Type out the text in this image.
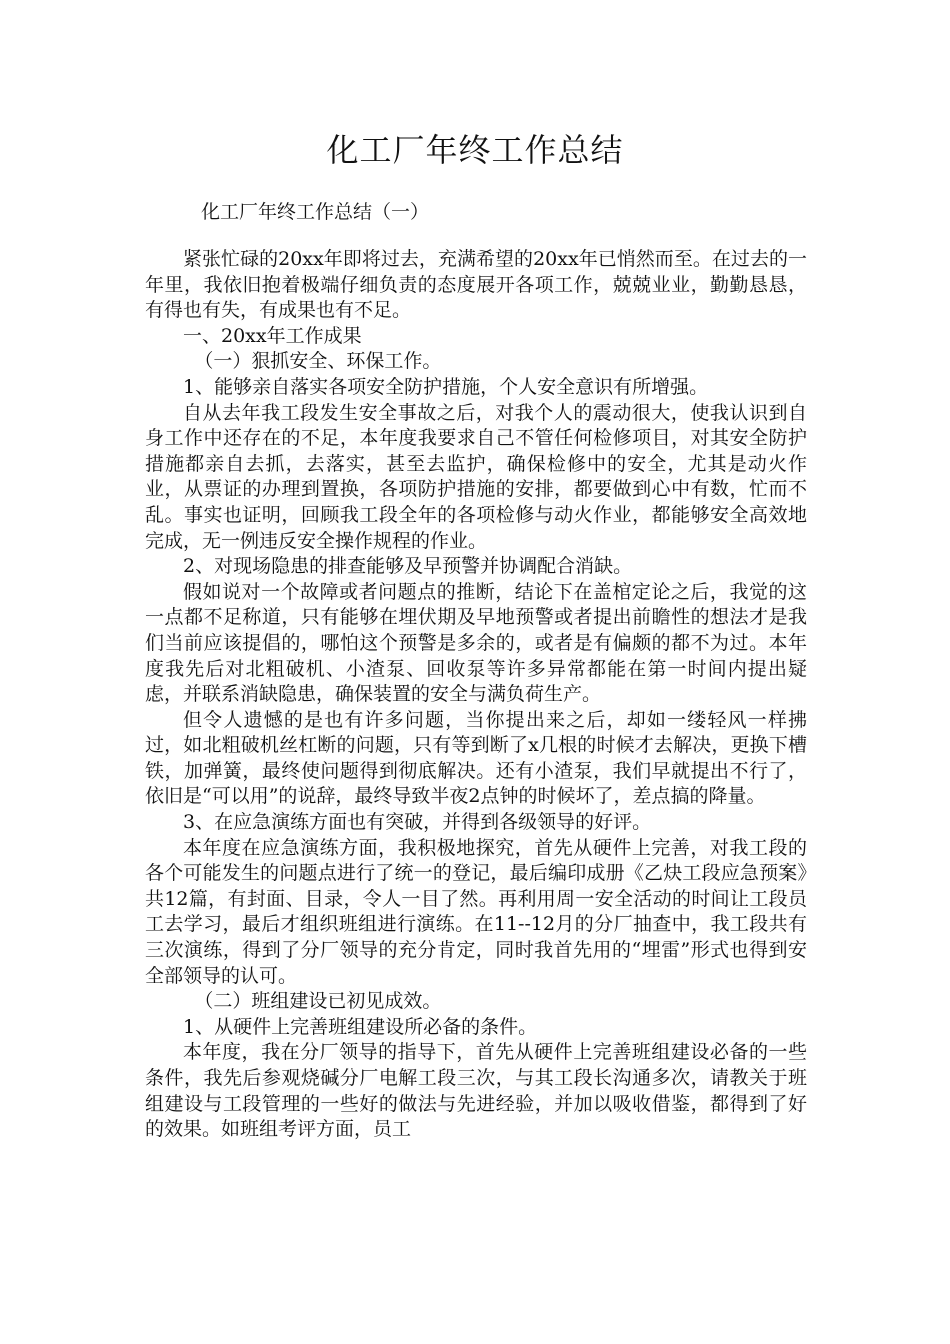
化工厂年终工作总结

化工厂年终工作总结（一）

紧张忙碌的20xx年即将过去，充满希望的20xx年已悄然而至。在过去的一年里，我依旧抱着极端仔细负责的态度展开各项工作，兢兢业业，勤勤恳恳，有得也有失，有成果也有不足。

一、20xx年工作成果

（一）狠抓安全、环保工作。

1、能够亲自落实各项安全防护措施，个人安全意识有所增强。

自从去年我工段发生安全事故之后，对我个人的震动很大，使我认识到自身工作中还存在的不足，本年度我要求自己不管任何检修项目，对其安全防护措施都亲自去抓，去落实，甚至去监护，确保检修中的安全，尤其是动火作业，从票证的办理到置换，各项防护措施的安排，都要做到心中有数，忙而不乱。事实也证明，回顾我工段全年的各项检修与动火作业，都能够安全高效地完成，无一例违反安全操作规程的作业。

2、对现场隐患的排查能够及早预警并协调配合消缺。

假如说对一个故障或者问题点的推断，结论下在盖棺定论之后，我觉的这一点都不足称道，只有能够在埋伏期及早地预警或者提出前瞻性的想法才是我们当前应该提倡的，哪怕这个预警是多余的，或者是有偏颇的都不为过。本年度我先后对北粗破机、小渣泵、回收泵等许多异常都能在第一时间内提出疑虑，并联系消缺隐患，确保装置的安全与满负荷生产。

但令人遗憾的是也有许多问题，当你提出来之后，却如一缕轻风一样拂过，如北粗破机丝杠断的问题，只有等到断了x几根的时候才去解决，更换下槽铁，加弹簧，最终使问题得到彻底解决。还有小渣泵，我们早就提出不行了，依旧是“可以用”的说辞，最终导致半夜2点钟的时候坏了，差点搞的降量。

3、在应急演练方面也有突破，并得到各级领导的好评。

本年度在应急演练方面，我积极地探究，首先从硬件上完善，对我工段的各个可能发生的问题点进行了统一的登记，最后编印成册《乙炔工段应急预案》共12篇，有封面、目录，令人一目了然。再利用周一安全活动的时间让工段员工去学习，最后才组织班组进行演练。在11--12月的分厂抽查中，我工段共有三次演练，得到了分厂领导的充分肯定，同时我首先用的“埋雷”形式也得到安全部领导的认可。

（二）班组建设已初见成效。

1、从硬件上完善班组建设所必备的条件。

本年度，我在分厂领导的指导下，首先从硬件上完善班组建设必备的一些条件，我先后参观烧碱分厂电解工段三次，与其工段长沟通多次，请教关于班组建设与工段管理的一些好的做法与先进经验，并加以吸收借鉴，都得到了好的效果。如班组考评方面，员工
